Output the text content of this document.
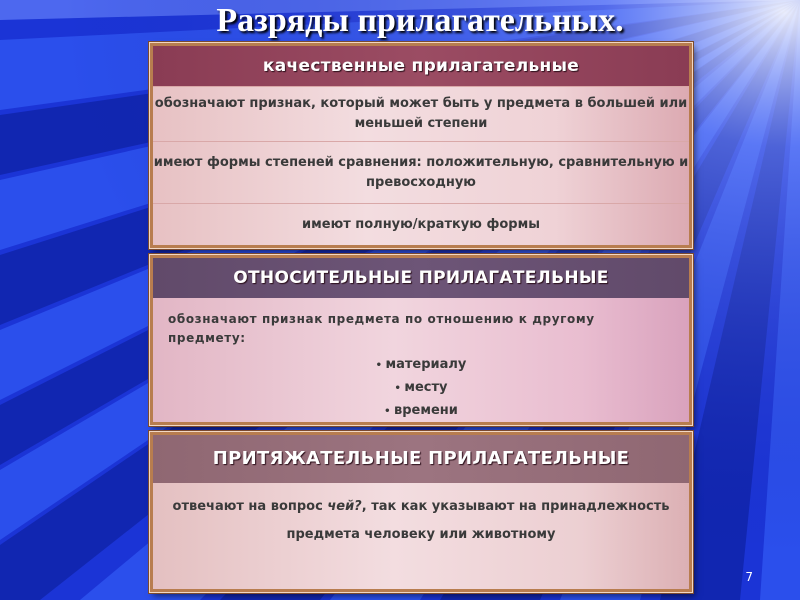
Разряды прилагательных.
качественные прилагательные
обозначают признак, который может быть у предмета в большей или меньшей степени
имеют формы степеней сравнения: положительную, сравнительную и превосходную
имеют полную/краткую формы
ОТНОСИТЕЛЬНЫЕ ПРИЛАГАТЕЛЬНЫЕ
обозначают признак предмета по отношению к другому предмету:
• материалу
• месту
• времени
ПРИТЯЖАТЕЛЬНЫЕ ПРИЛАГАТЕЛЬНЫЕ
отвечают на вопрос чей?, так как указывают на принадлежность предмета человеку или животному
7
